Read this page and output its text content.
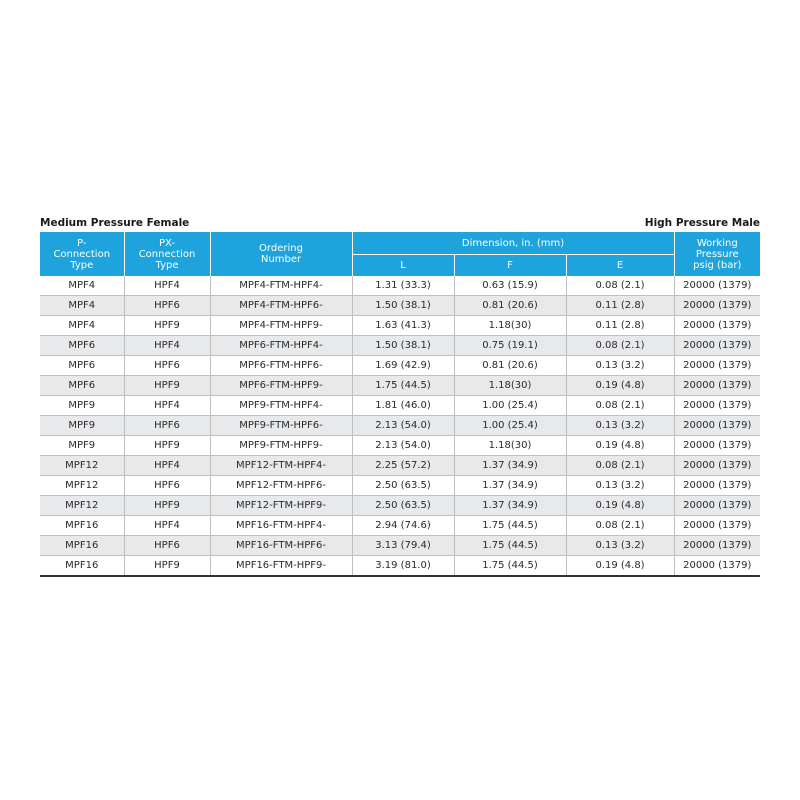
Medium Pressure Female	High Pressure Male
P-
Connection
Type	PX-
Connection
Type	Ordering
Number	Dimension, in. (mm)			Working
Pressure
psig (bar)

			L	F	E	
MPF4	HPF4	MPF4-FTM-HPF4-	1.31 (33.3)	0.63 (15.9)	0.08 (2.1)	20000 (1379)
MPF4	HPF6	MPF4-FTM-HPF6-	1.50 (38.1)	0.81 (20.6)	0.11 (2.8)	20000 (1379)
MPF4	HPF9	MPF4-FTM-HPF9-	1.63 (41.3)	1.18(30)	0.11 (2.8)	20000 (1379)
MPF6	HPF4	MPF6-FTM-HPF4-	1.50 (38.1)	0.75 (19.1)	0.08 (2.1)	20000 (1379)
MPF6	HPF6	MPF6-FTM-HPF6-	1.69 (42.9)	0.81 (20.6)	0.13 (3.2)	20000 (1379)
MPF6	HPF9	MPF6-FTM-HPF9-	1.75 (44.5)	1.18(30)	0.19 (4.8)	20000 (1379)
MPF9	HPF4	MPF9-FTM-HPF4-	1.81 (46.0)	1.00 (25.4)	0.08 (2.1)	20000 (1379)
MPF9	HPF6	MPF9-FTM-HPF6-	2.13 (54.0)	1.00 (25.4)	0.13 (3.2)	20000 (1379)
MPF9	HPF9	MPF9-FTM-HPF9-	2.13 (54.0)	1.18(30)	0.19 (4.8)	20000 (1379)
MPF12	HPF4	MPF12-FTM-HPF4-	2.25 (57.2)	1.37 (34.9)	0.08 (2.1)	20000 (1379)
MPF12	HPF6	MPF12-FTM-HPF6-	2.50 (63.5)	1.37 (34.9)	0.13 (3.2)	20000 (1379)
MPF12	HPF9	MPF12-FTM-HPF9-	2.50 (63.5)	1.37 (34.9)	0.19 (4.8)	20000 (1379)
MPF16	HPF4	MPF16-FTM-HPF4-	2.94 (74.6)	1.75 (44.5)	0.08 (2.1)	20000 (1379)
MPF16	HPF6	MPF16-FTM-HPF6-	3.13 (79.4)	1.75 (44.5)	0.13 (3.2)	20000 (1379)
MPF16	HPF9	MPF16-FTM-HPF9-	3.19 (81.0)	1.75 (44.5)	0.19 (4.8)	20000 (1379)
